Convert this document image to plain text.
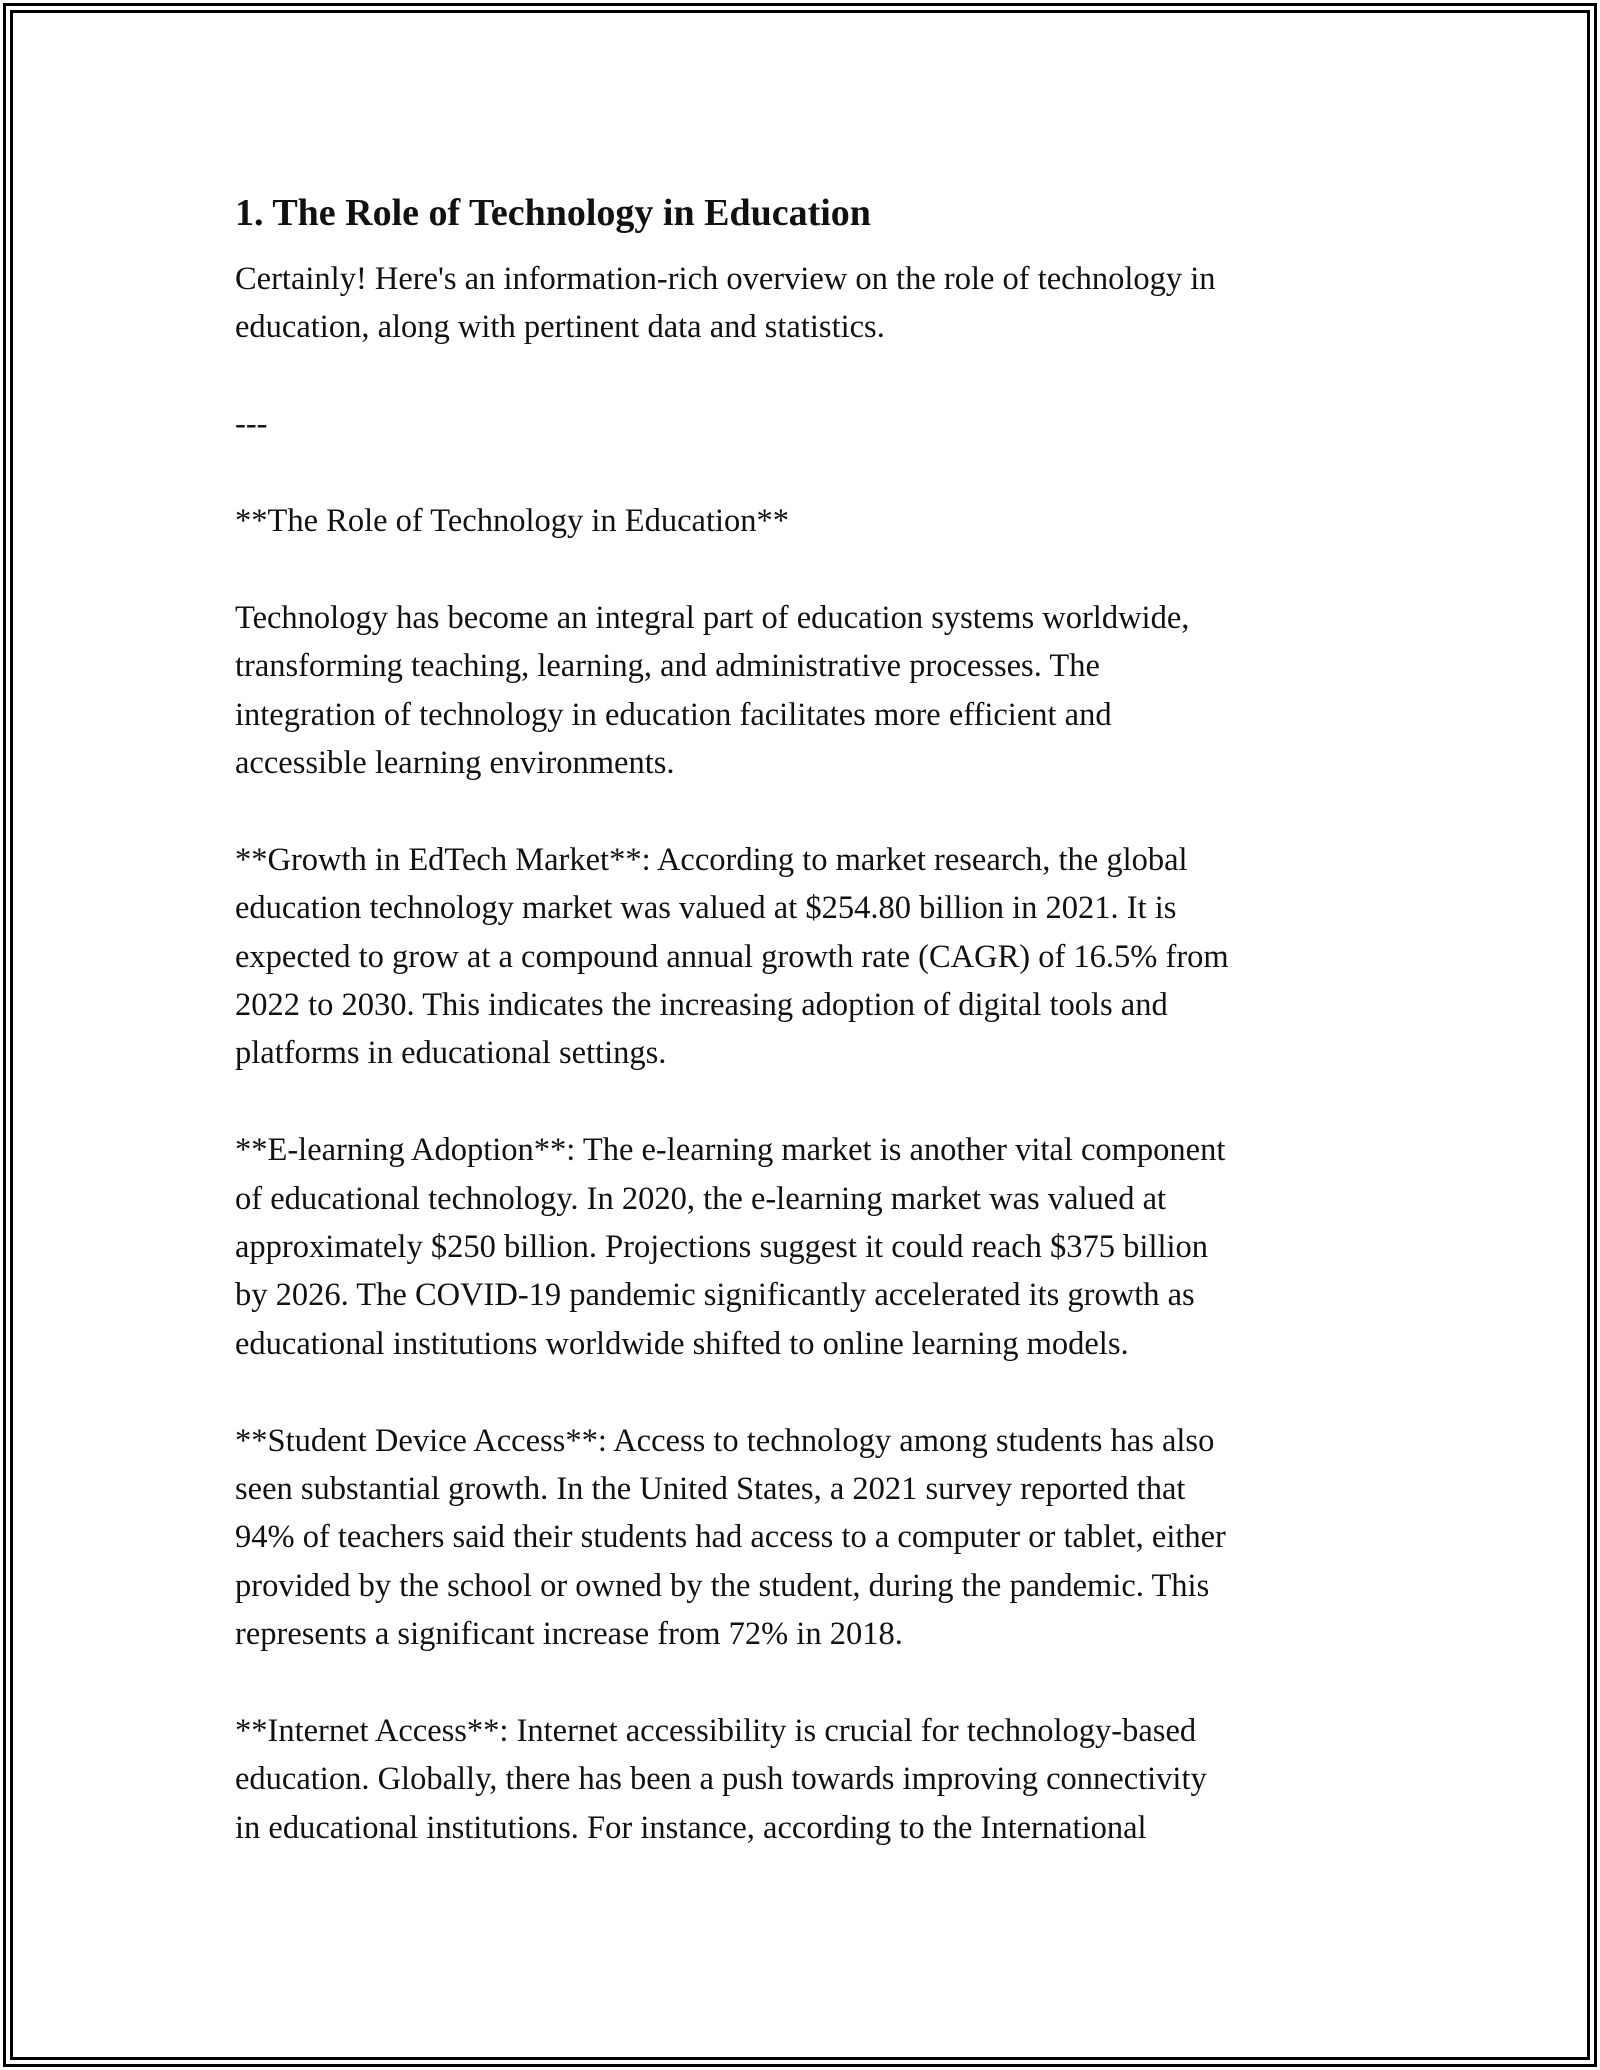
1. The Role of Technology in Education

Certainly! Here's an information-rich overview on the role of technology in
education, along with pertinent data and statistics.

---

**The Role of Technology in Education**

Technology has become an integral part of education systems worldwide,
transforming teaching, learning, and administrative processes. The
integration of technology in education facilitates more efficient and
accessible learning environments.

**Growth in EdTech Market**: According to market research, the global
education technology market was valued at $254.80 billion in 2021. It is
expected to grow at a compound annual growth rate (CAGR) of 16.5% from
2022 to 2030. This indicates the increasing adoption of digital tools and
platforms in educational settings.

**E-learning Adoption**: The e-learning market is another vital component
of educational technology. In 2020, the e-learning market was valued at
approximately $250 billion. Projections suggest it could reach $375 billion
by 2026. The COVID-19 pandemic significantly accelerated its growth as
educational institutions worldwide shifted to online learning models.

**Student Device Access**: Access to technology among students has also
seen substantial growth. In the United States, a 2021 survey reported that
94% of teachers said their students had access to a computer or tablet, either
provided by the school or owned by the student, during the pandemic. This
represents a significant increase from 72% in 2018.

**Internet Access**: Internet accessibility is crucial for technology-based
education. Globally, there has been a push towards improving connectivity
in educational institutions. For instance, according to the International
